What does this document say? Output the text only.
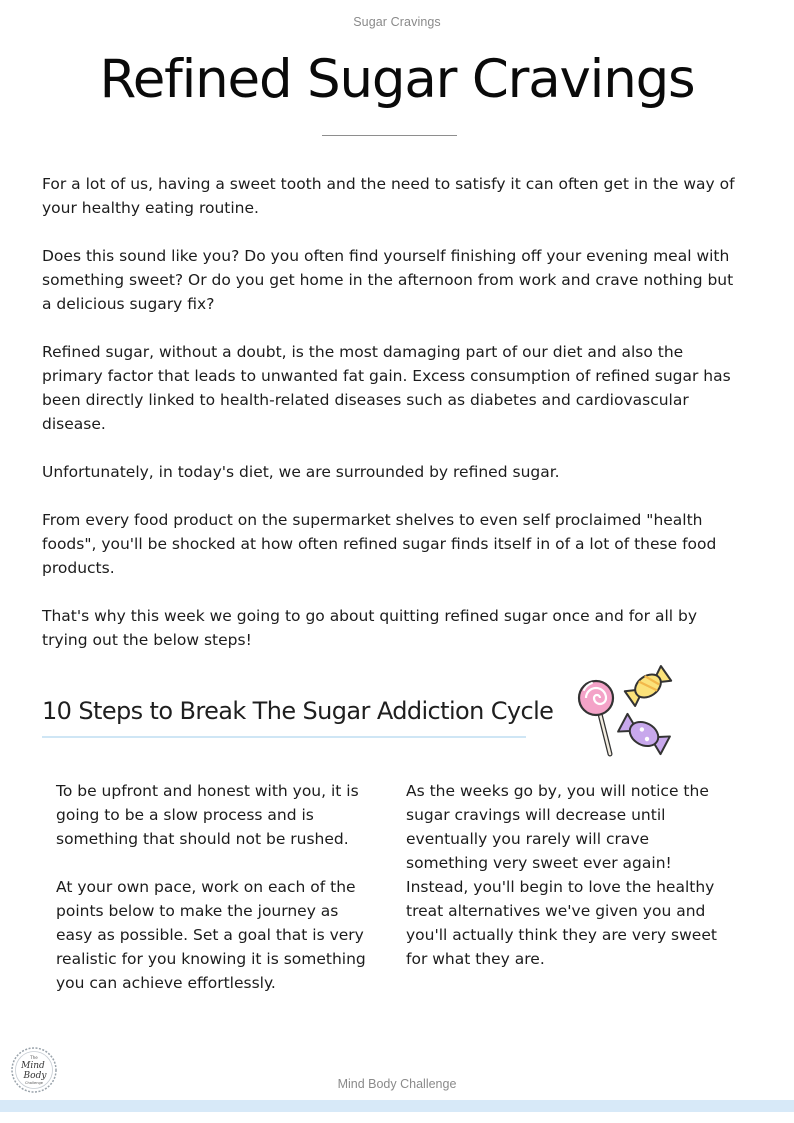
Sugar Cravings
Refined Sugar Cravings

For a lot of us, having a sweet tooth and the need to satisfy it can often get in the way of your healthy eating routine.

Does this sound like you? Do you often find yourself finishing off your evening meal with something sweet? Or do you get home in the afternoon from work and crave nothing but a delicious sugary fix?

Refined sugar, without a doubt, is the most damaging part of our diet and also the primary factor that leads to unwanted fat gain. Excess consumption of refined sugar has been directly linked to health-related diseases such as diabetes and cardiovascular disease.

Unfortunately, in today's diet, we are surrounded by refined sugar.

From every food product on the supermarket shelves to even self proclaimed "health foods", you'll be shocked at how often refined sugar finds itself in of a lot of these food products.

That's why this week we going to go about quitting refined sugar once and for all by trying out the below steps!

10 Steps to Break The Sugar Addiction Cycle

To be upfront and honest with you, it is going to be a slow process and is something that should not be rushed.

At your own pace, work on each of the points below to make the journey as easy as possible. Set a goal that is very realistic for you knowing it is something you can achieve effortlessly.

As the weeks go by, you will notice the sugar cravings will decrease until eventually you rarely will crave something very sweet ever again! Instead, you'll begin to love the healthy treat alternatives we've given you and you'll actually think they are very sweet for what they are.

The
Mind
Body
Challenge	Mind Body Challenge
